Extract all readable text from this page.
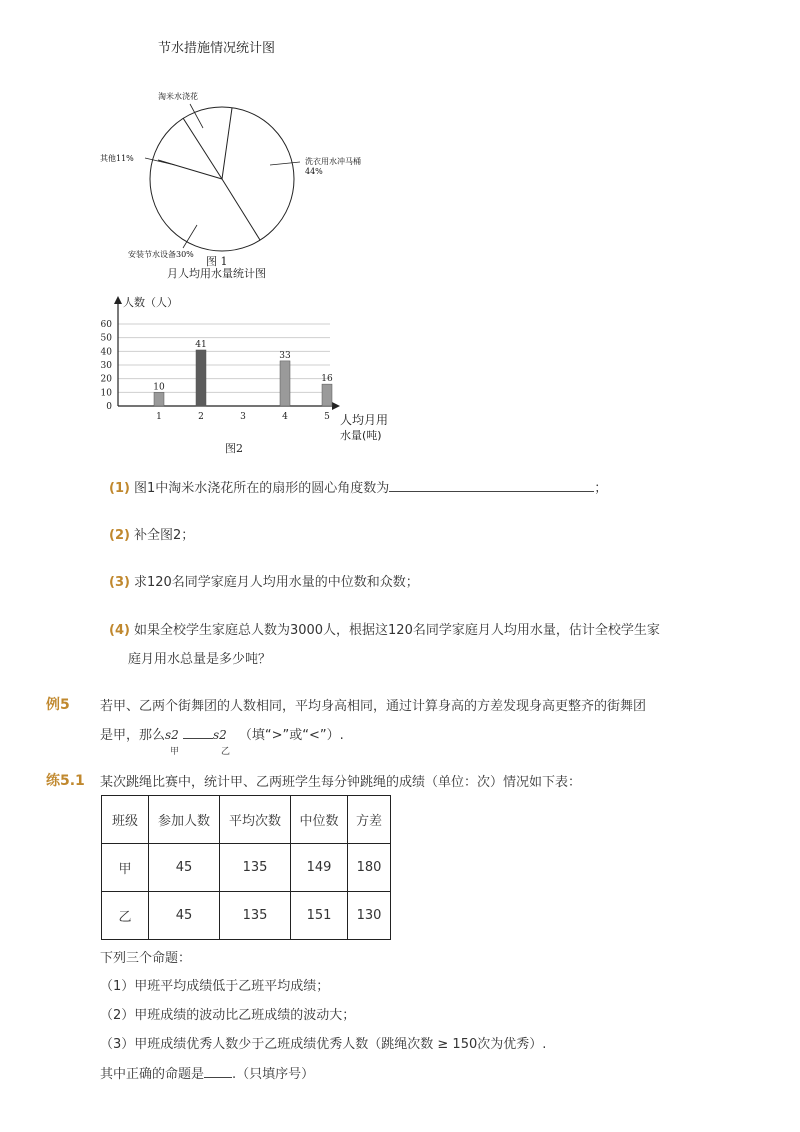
节水措施情况统计图
淘米水浇花
洗衣用水冲马桶
44%
其他11%
安装节水设备30%
图 1
月人均用水量统计图
0
10
20
30
40
50
60
10
1
41
2	3
33
4
16
5
人数（人）
人均月用
水量(吨)
图2
(1) 图1中淘米水浇花所在的扇形的圆心角度数为	；
(2) 补全图2；
(3) 求120名同学家庭月人均用水量的中位数和众数；
(4) 如果全校学生家庭总人数为3000人，根据这120名同学家庭月人均用水量，估计全校学生家
庭月用水总量是多少吨？
例5 若甲、乙两个街舞团的人数相同，平均身高相同，通过计算身高的方差发现身高更整齐的街舞团
是甲，那么s2	s2 （填“>”或“<”）.
甲	乙
练5.1 某次跳绳比赛中，统计甲、乙两班学生每分钟跳绳的成绩（单位：次）情况如下表：
班级	参加人数	平均次数	中位数	方差
甲	45	135	149	180
乙	45	135	151	130
下列三个命题：
（1）甲班平均成绩低于乙班平均成绩；
（2）甲班成绩的波动比乙班成绩的波动大；
（3）甲班成绩优秀人数少于乙班成绩优秀人数（跳绳次数 ≥ 150次为优秀）.
其中正确的命题是 .（只填序号）
